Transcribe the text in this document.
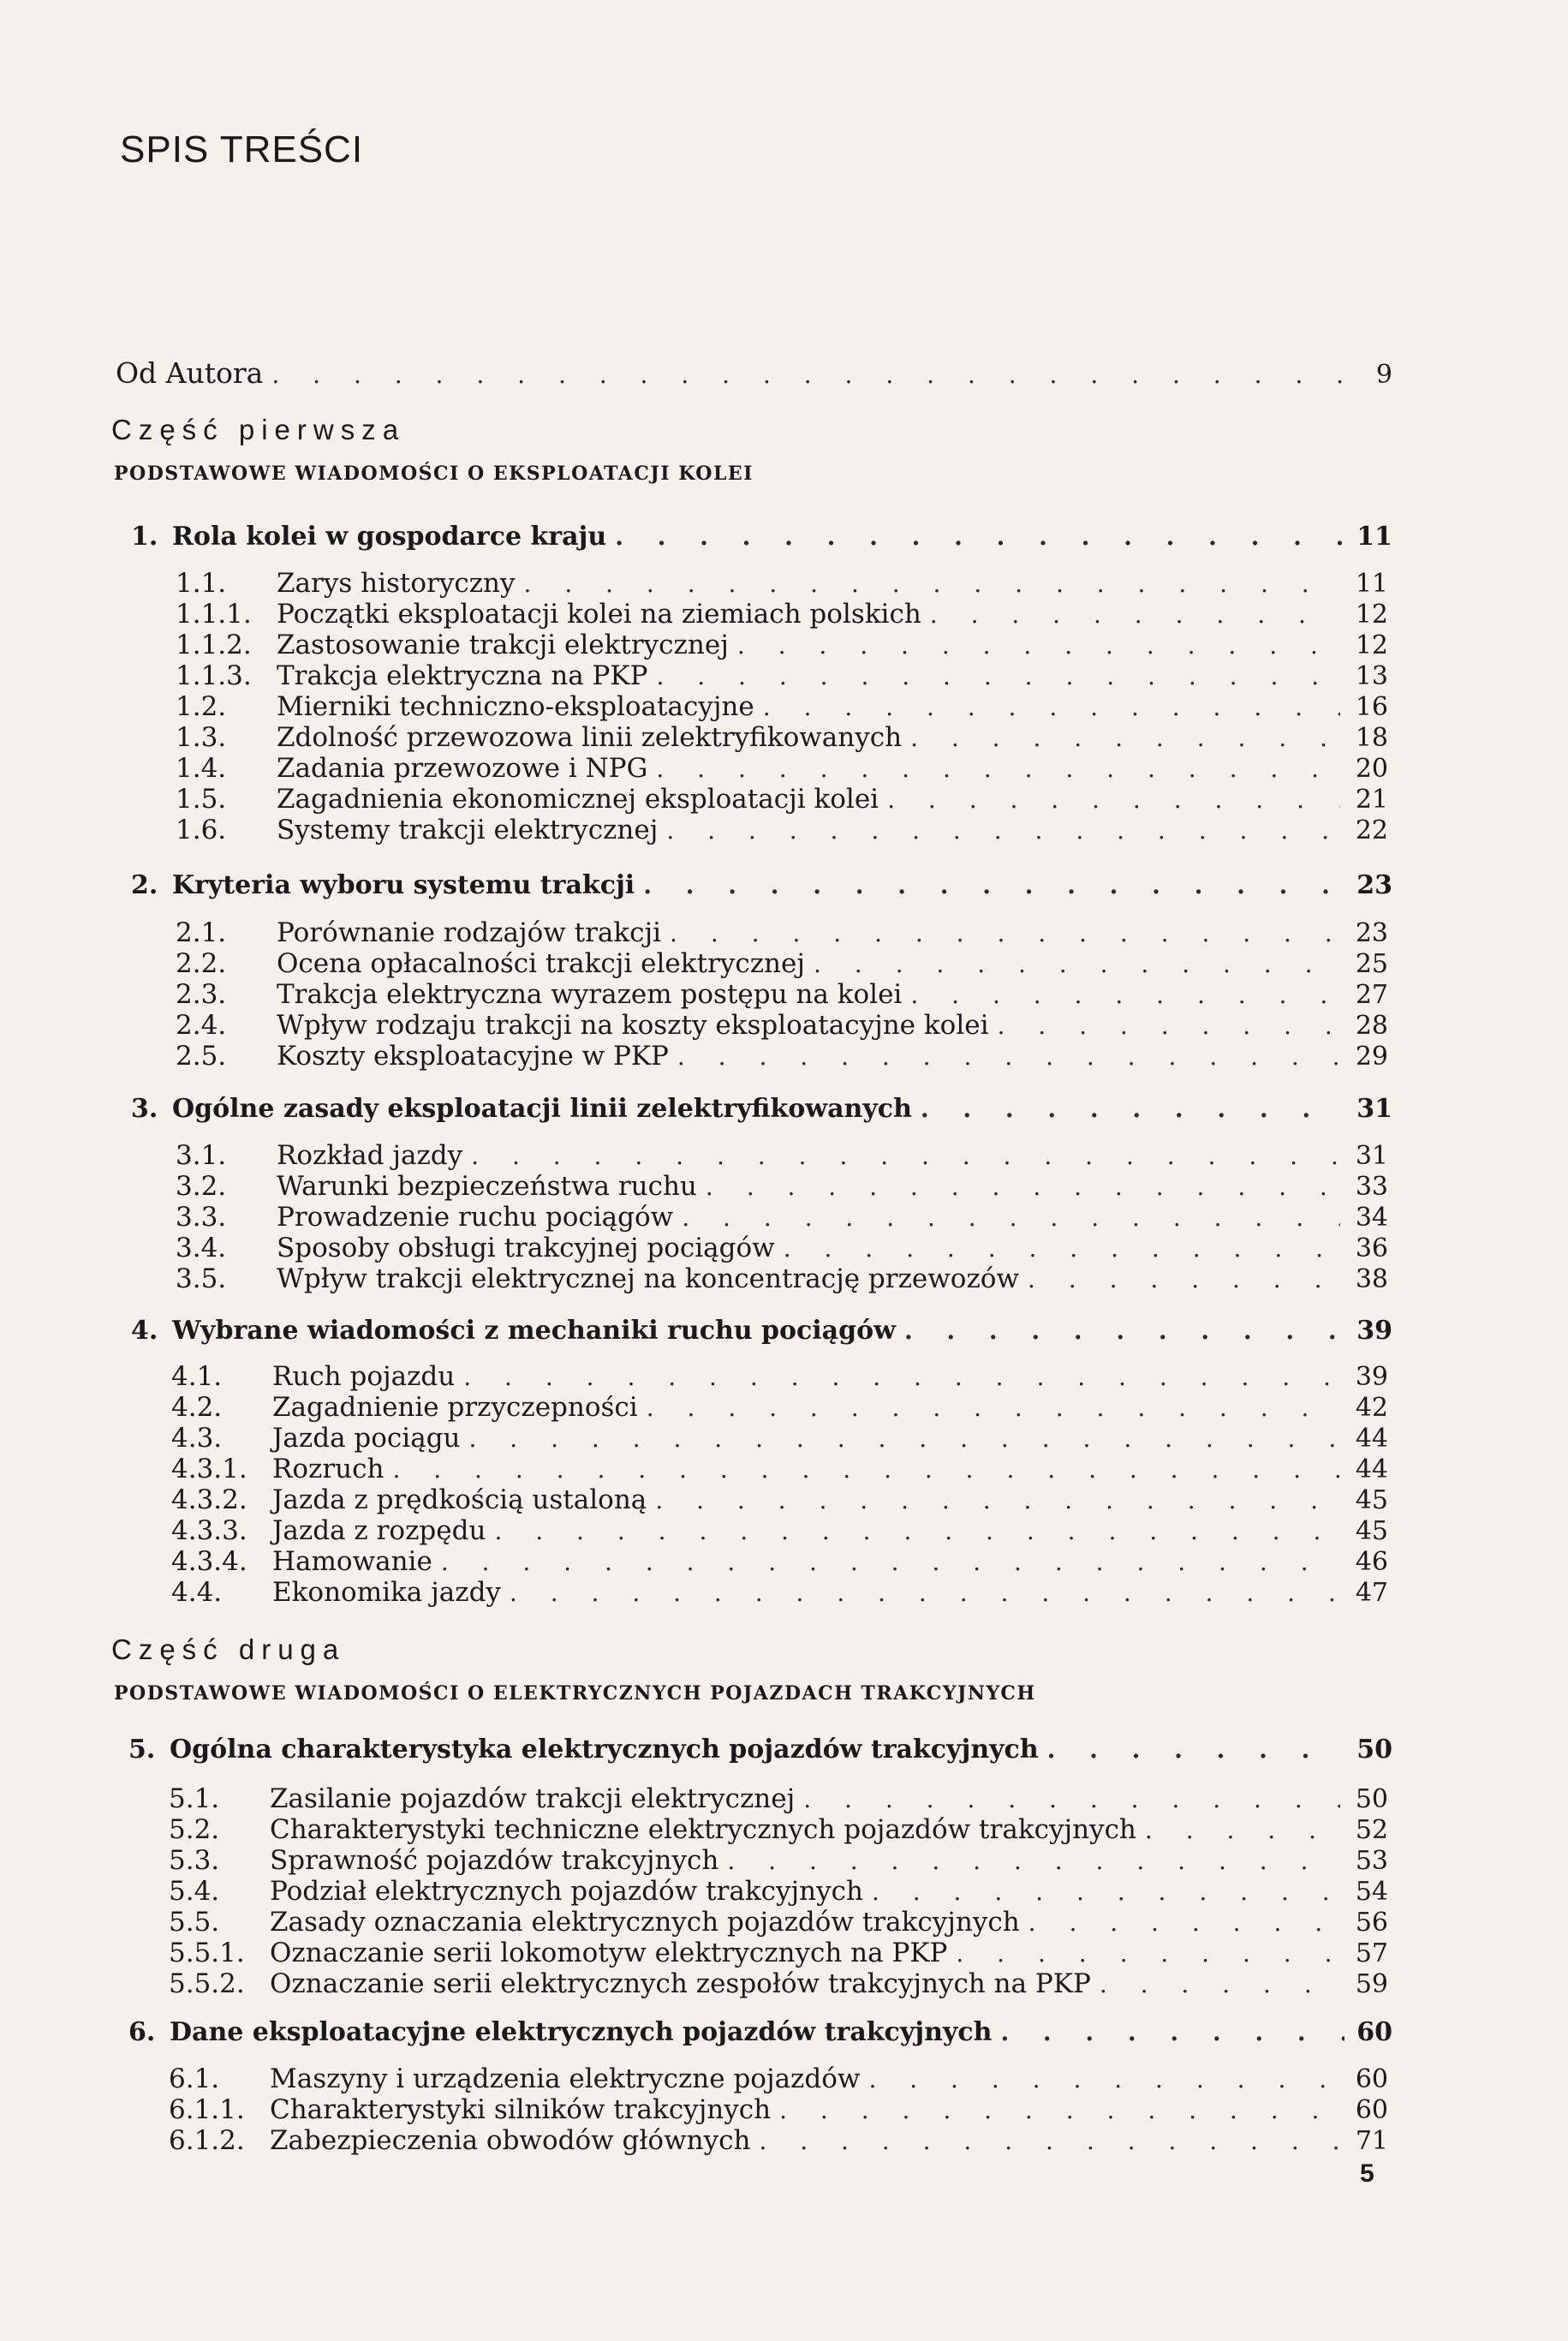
SPIS TREŚCI
Od Autora . . .	9
Część pierwsza
PODSTAWOWE WIADOMOŚCI O EKSPLOATACJI KOLEI
1. Rola kolei w gospodarce kraju . . .	11
1.1.	Zarys historyczny . . .	11
1.1.1. Początki eksploatacji kolei na ziemiach polskich . . .	12
1.1.2. Zastosowanie trakcji elektrycznej . . .	12
1.1.3. Trakcja elektryczna na PKP . . .	13
1.2.	Mierniki techniczno-eksploatacyjne . . .	16
1.3.	Zdolność przewozowa linii zelektryfikowanych . . .	18
1.4.	Zadania przewozowe i NPG . . .	20
1.5.	Zagadnienia ekonomicznej eksploatacji kolei . . .	21
1.6.	Systemy trakcji elektrycznej . . .	22
2. Kryteria wyboru systemu trakcji . . .	23
2.1.	Porównanie rodzajów trakcji . . .	23
2.2.	Ocena opłacalności trakcji elektrycznej . . .	25
2.3.	Trakcja elektryczna wyrazem postępu na kolei . . .	27
2.4.	Wpływ rodzaju trakcji na koszty eksploatacyjne kolei . . .	28
2.5.	Koszty eksploatacyjne w PKP . . .	29
3. Ogólne zasady eksploatacji linii zelektryfikowanych . . .	31
3.1.	Rozkład jazdy . . .	31
3.2.	Warunki bezpieczeństwa ruchu . . .	33
3.3.	Prowadzenie ruchu pociągów . . .	34
3.4.	Sposoby obsługi trakcyjnej pociągów . . .	36
3.5.	Wpływ trakcji elektrycznej na koncentrację przewozów . . .	38
4. Wybrane wiadomości z mechaniki ruchu pociągów . . .	39
4.1.	Ruch pojazdu . . .	39
4.2.	Zagadnienie przyczepności . . .	42
4.3.	Jazda pociągu . . .	44
4.3.1. Rozruch . . .	44
4.3.2. Jazda z prędkością ustaloną . . .	45
4.3.3. Jazda z rozpędu . . .	45
4.3.4. Hamowanie . . .	46
4.4.	Ekonomika jazdy . . .	47
Część druga
PODSTAWOWE WIADOMOŚCI O ELEKTRYCZNYCH POJAZDACH TRAKCYJNYCH
5. Ogólna charakterystyka elektrycznych pojazdów trakcyjnych . . .	50
5.1.	Zasilanie pojazdów trakcji elektrycznej . . .	50
5.2.	Charakterystyki techniczne elektrycznych pojazdów trakcyjnych . . .	52
5.3.	Sprawność pojazdów trakcyjnych . . .	53
5.4.	Podział elektrycznych pojazdów trakcyjnych . . .	54
5.5.	Zasady oznaczania elektrycznych pojazdów trakcyjnych . . .	56
5.5.1. Oznaczanie serii lokomotyw elektrycznych na PKP . . .	57
5.5.2. Oznaczanie serii elektrycznych zespołów trakcyjnych na PKP . . .	59
6. Dane eksploatacyjne elektrycznych pojazdów trakcyjnych . . .	60
6.1.	Maszyny i urządzenia elektryczne pojazdów . . .	60
6.1.1. Charakterystyki silników trakcyjnych . . .	60
6.1.2. Zabezpieczenia obwodów głównych . . .	71
5
